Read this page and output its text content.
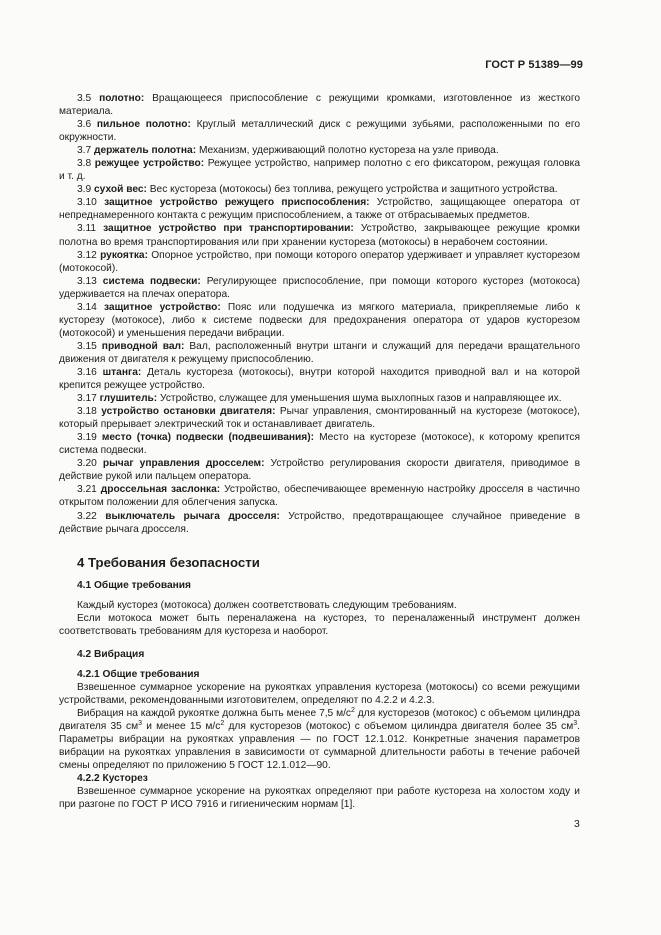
ГОСТ Р 51389—99

3.5 полотно: Вращающееся приспособление с режущими кромками, изготовленное из жесткого материала.

3.6 пильное полотно: Круглый металлический диск с режущими зубьями, расположенными по его окружности.

3.7 держатель полотна: Механизм, удерживающий полотно кустореза на узле привода.

3.8 режущее устройство: Режущее устройство, например полотно с его фиксатором, режущая головка и т. д.

3.9 сухой вес: Вес кустореза (мотокосы) без топлива, режущего устройства и защитного устройства.

3.10 защитное устройство режущего приспособления: Устройство, защищающее оператора от непреднамеренного контакта с режущим приспособлением, а также от отбрасываемых предметов.

3.11 защитное устройство при транспортировании: Устройство, закрывающее режущие кромки полотна во время транспортирования или при хранении кустореза (мотокосы) в нерабочем состоянии.

3.12 рукоятка: Опорное устройство, при помощи которого оператор удерживает и управляет кусторезом (мотокосой).

3.13 система подвески: Регулирующее приспособление, при помощи которого кусторез (мотокоса) удерживается на плечах оператора.

3.14 защитное устройство: Пояс или подушечка из мягкого материала, прикрепляемые либо к кусторезу (мотокосе), либо к системе подвески для предохранения оператора от ударов кусторезом (мотокосой) и уменьшения передачи вибрации.

3.15 приводной вал: Вал, расположенный внутри штанги и служащий для передачи вращательного движения от двигателя к режущему приспособлению.

3.16 штанга: Деталь кустореза (мотокосы), внутри которой находится приводной вал и на которой крепится режущее устройство.

3.17 глушитель: Устройство, служащее для уменьшения шума выхлопных газов и направляющее их.

3.18 устройство остановки двигателя: Рычаг управления, смонтированный на кусторезе (мотокосе), который прерывает электрический ток и останавливает двигатель.

3.19 место (точка) подвески (подвешивания): Место на кусторезе (мотокосе), к которому крепится система подвески.

3.20 рычаг управления дросселем: Устройство регулирования скорости двигателя, приводимое в действие рукой или пальцем оператора.

3.21 дроссельная заслонка: Устройство, обеспечивающее временную настройку дросселя в частично открытом положении для облегчения запуска.

3.22 выключатель рычага дросселя: Устройство, предотвращающее случайное приведение в действие рычага дросселя.

4 Требования безопасности

4.1 Общие требования

Каждый кусторез (мотокоса) должен соответствовать следующим требованиям.

Если мотокоса может быть переналажена на кусторез, то переналаженный инструмент должен соответствовать требованиям для кустореза и наоборот.

4.2 Вибрация

4.2.1 Общие требования

Взвешенное суммарное ускорение на рукоятках управления кустореза (мотокосы) со всеми режущими устройствами, рекомендованными изготовителем, определяют по 4.2.2 и 4.2.3.

Вибрация на каждой рукоятке должна быть менее 7,5 $м/с^2$ для кусторезов (мотокос) с объемом цилиндра двигателя 35 $см^3$ и менее 15 $м/с^2$ для кусторезов (мотокос) с объемом цилиндра двигателя более 35 $см^3$. Параметры вибрации на рукоятках управления — по ГОСТ 12.1.012. Конкретные значения параметров вибрации на рукоятках управления в зависимости от суммарной длительности работы в течение рабочей смены определяют по приложению 5 ГОСТ 12.1.012—90.

4.2.2 Кусторез

Взвешенное суммарное ускорение на рукоятках определяют при работе кустореза на холостом ходу и при разгоне по ГОСТ Р ИСО 7916 и гигиеническим нормам [1].

3
